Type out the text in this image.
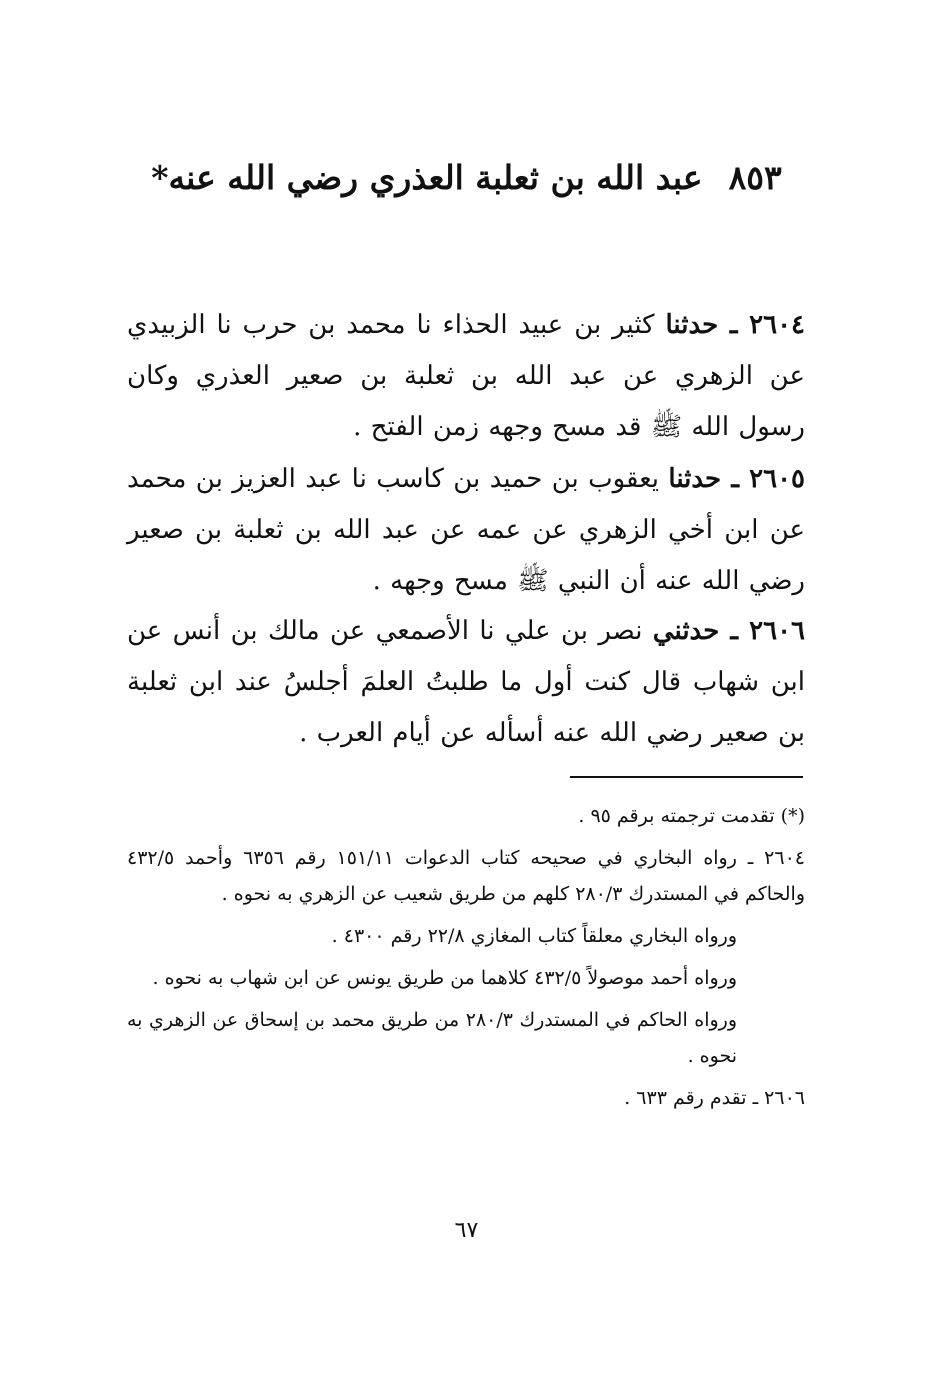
٨٥٣عبد الله بن ثعلبة العذري رضي الله عنه*
٢٦٠٤ ـ حدثنا كثير بن عبيد الحذاء نا محمد بن حرب نا الزبيدي عن الزهري عن عبد الله بن ثعلبة بن صعير العذري وكان رسول الله ﷺ قد مسح وجهه زمن الفتح .
٢٦٠٥ ـ حدثنا يعقوب بن حميد بن كاسب نا عبد العزيز بن محمد عن ابن أخي الزهري عن عمه عن عبد الله بن ثعلبة بن صعير رضي الله عنه أن النبي ﷺ مسح وجهه .
٢٦٠٦ ـ حدثني نصر بن علي نا الأصمعي عن مالك بن أنس عن ابن شهاب قال كنت أول ما طلبتُ العلمَ أجلسُ عند ابن ثعلبة بن صعير رضي الله عنه أسأله عن أيام العرب .
(*) تقدمت ترجمته برقم ٩٥ .
٢٦٠٤ ـ رواه البخاري في صحيحه كتاب الدعوات ١٥١/١١ رقم ٦٣٥٦ وأحمد ٤٣٢/٥ والحاكم في المستدرك ٢٨٠/٣ كلهم من طريق شعيب عن الزهري به نحوه .
ورواه البخاري معلقاً كتاب المغازي ٢٢/٨ رقم ٤٣٠٠ .
ورواه أحمد موصولاً ٤٣٢/٥ كلاهما من طريق يونس عن ابن شهاب به نحوه .
ورواه الحاكم في المستدرك ٢٨٠/٣ من طريق محمد بن إسحاق عن الزهري به نحوه .
٢٦٠٦ ـ تقدم رقم ٦٣٣ .
٦٧
